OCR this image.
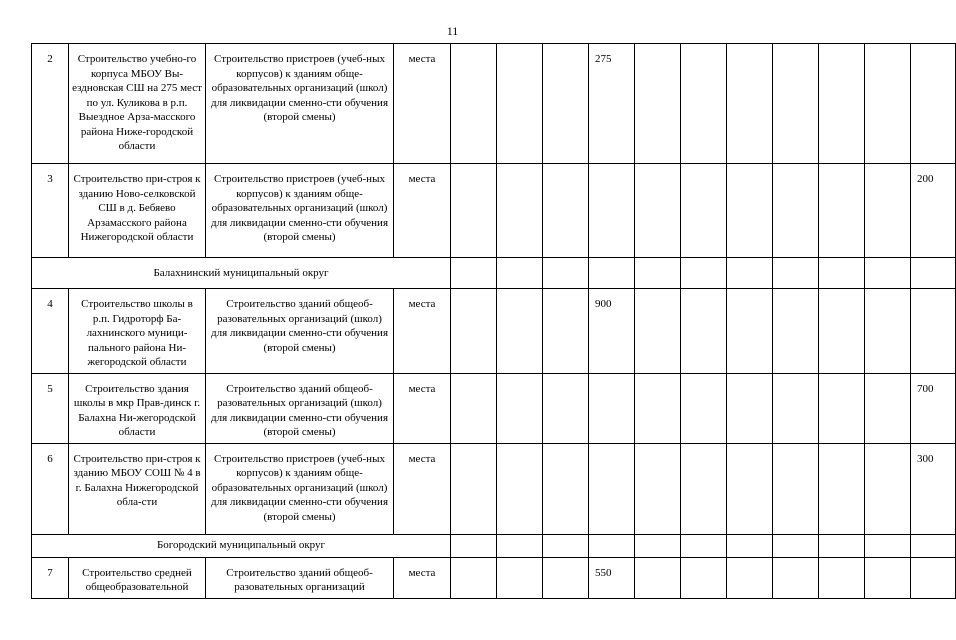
11
2	Строительство учебно-го корпуса МБОУ Вы-ездновская СШ на 275 мест по ул. Куликова в р.п. Выездное Арза-масского района Ниже-городской области	Строительство пристроев (учеб-ных корпусов) к зданиям обще-образовательных организаций (школ) для ликвидации сменно-сти обучения (второй смены)	места				275							
3	Строительство при-строя к зданию Ново-селковской СШ в д. Бебяево Арзамасского района Нижегородской области	Строительство пристроев (учеб-ных корпусов) к зданиям обще-образовательных организаций (школ) для ликвидации сменно-сти обучения (второй смены)	места											200
Балахнинский муниципальный округ														
4	Строительство школы в р.п. Гидроторф Ба-лахнинского муници-пального района Ни-жегородской области	Строительство зданий общеоб-разовательных организаций (школ) для ликвидации сменно-сти обучения (второй смены)	места				900							
5	Строительство здания школы в мкр Прав-динск г. Балахна Ни-жегородской области	Строительство зданий общеоб-разовательных организаций (школ) для ликвидации сменно-сти обучения (второй смены)	места											700
6	Строительство при-строя к зданию МБОУ СОШ № 4 в г. Балахна Нижегородской обла-сти	Строительство пристроев (учеб-ных корпусов) к зданиям обще-образовательных организаций (школ) для ликвидации сменно-сти обучения (второй смены)	места											300
Богородский муниципальный округ														
7	Строительство средней общеобразовательной	Строительство зданий общеоб-разовательных организаций	места				550							
